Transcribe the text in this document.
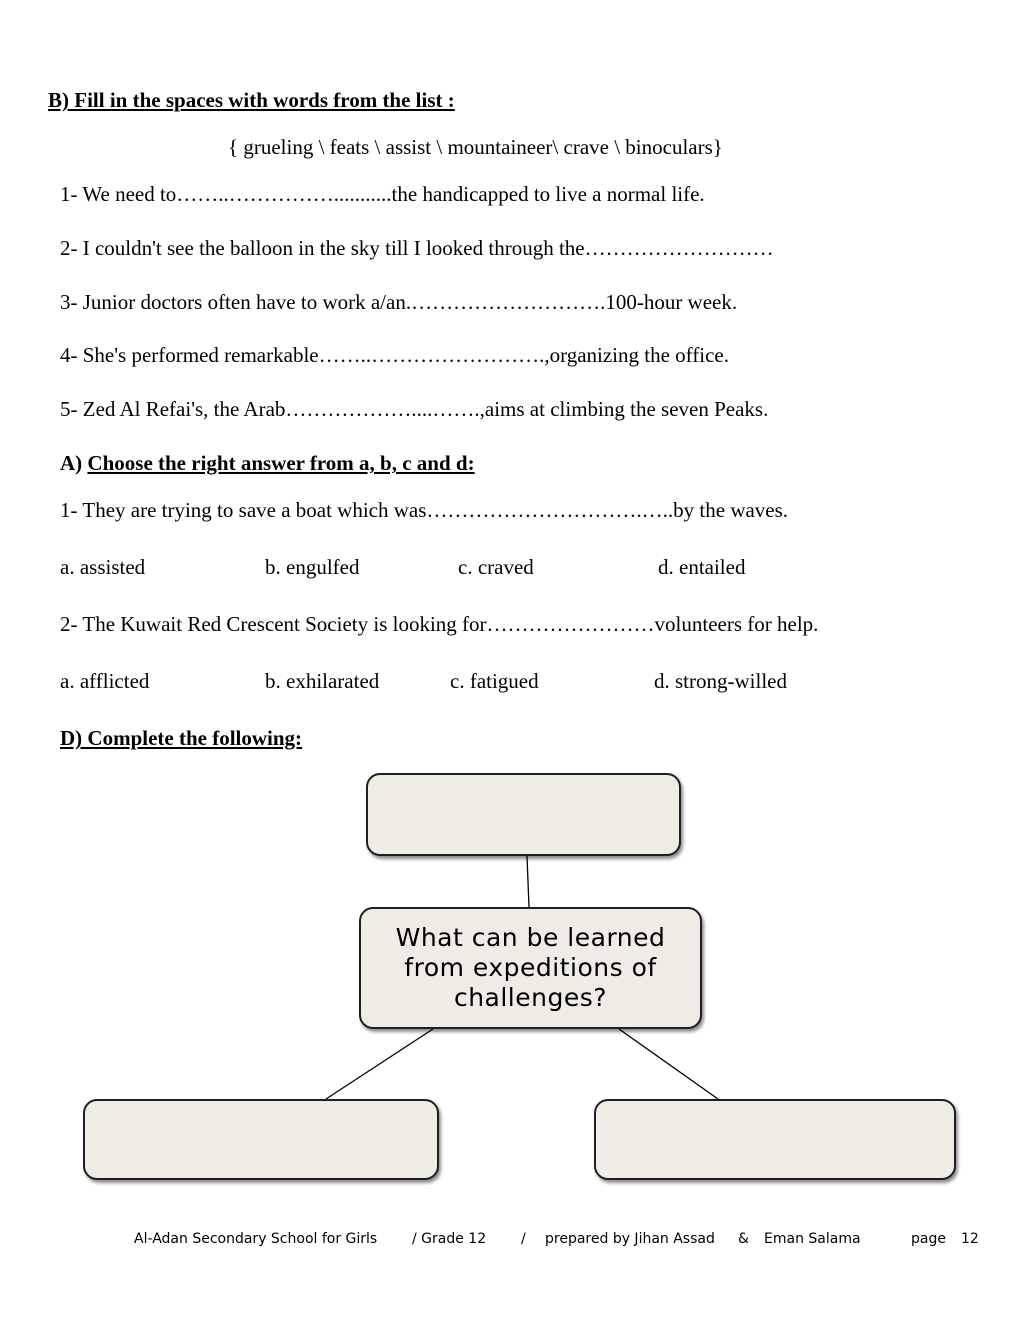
B) Fill in the spaces with words from the list :
{ grueling \ feats \ assist \ mountaineer\ crave \ binoculars}
1- We need to……..……………...........the handicapped to live a normal life.
2- I couldn't see the balloon in the sky till I looked through the………………………
3- Junior doctors often have to work a/an.……………………….100-hour week.
4- She's performed remarkable……..…………………….,organizing the office.
5- Zed Al Refai's, the Arab………………....…….,aims at climbing the seven Peaks.
A) Choose the right answer from a, b, c and d:
1- They are trying to save a boat which was………………………….…..by the waves.
a. assisted	b. engulfed	c. craved	d. entailed
2- The Kuwait Red Crescent Society is looking for……………………volunteers for help.
a. afflicted	b. exhilarated	c. fatigued	d. strong-willed
D) Complete the following:
What can be learned from expeditions of challenges?
Al-Adan Secondary School for Girls / Grade 12 / prepared by Jihan Assad & Eman Salama	page 12
